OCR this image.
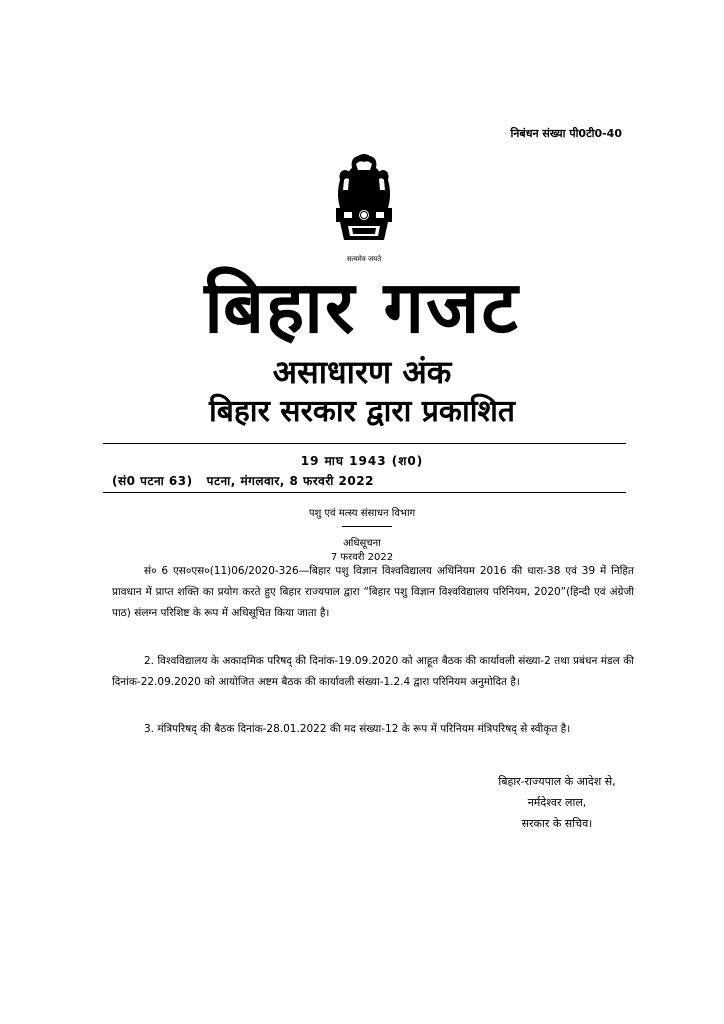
निबंधन संख्या पी0टी0-40
सत्यमेव जयते
बिहार गजट
असाधारण अंक
बिहार सरकार द्वारा प्रकाशित
19 माघ 1943 (श0)
(सं0 पटना 63) पटना, मंगलवार, 8 फरवरी 2022
पशु एवं मत्स्य संसाधन विभाग
अधिसूचना
7 फरवरी 2022
सं० 6 एस०एस०(11)06/2020-326—बिहार पशु विज्ञान विश्वविद्यालय अधिनियम 2016 की धारा-38 एवं 39 में निहित प्रावधान में प्राप्त शक्ति का प्रयोग करते हुए बिहार राज्यपाल द्वारा “बिहार पशु विज्ञान विश्वविद्यालय परिनियम, 2020”(हिन्दी एवं अंग्रेजी पाठ) संलग्न परिशिष्ट के रूप में अधिसूचित किया जाता है।
2. विश्वविद्यालय के अकादमिक परिषद् की दिनांक-19.09.2020 को आहूत बैठक की कार्यावली संख्या-2 तथा प्रबंधन मंडल की दिनांक-22.09.2020 को आयोजित अष्टम बैठक की कार्यावली संख्या-1.2.4 द्वारा परिनियम अनुमोदित है।
3. मंत्रिपरिषद् की बैठक दिनांक-28.01.2022 की मद संख्या-12 के रूप में परिनियम मंत्रिपरिषद् से स्वीकृत है।
बिहार-राज्यपाल के आदेश से,
नर्मदेश्वर लाल,
सरकार के सचिव।
